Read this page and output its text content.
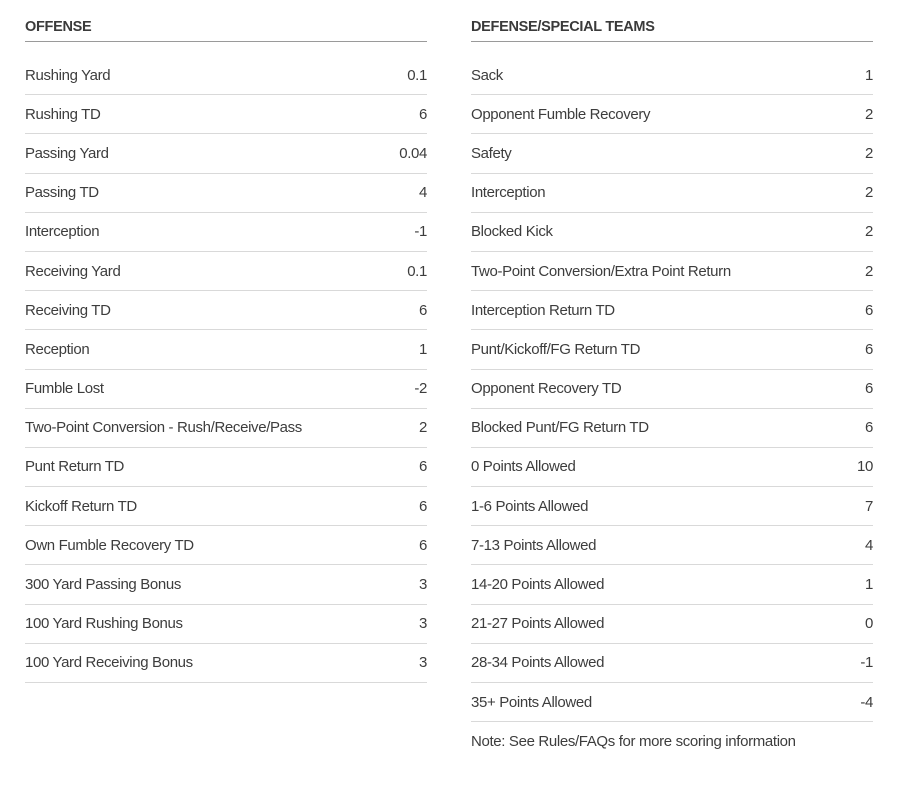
OFFENSE
Rushing Yard	0.1
Rushing TD	6
Passing Yard	0.04
Passing TD	4
Interception	-1
Receiving Yard	0.1
Receiving TD	6
Reception	1
Fumble Lost	-2
Two-Point Conversion - Rush/Receive/Pass	2
Punt Return TD	6
Kickoff Return TD	6
Own Fumble Recovery TD	6
300 Yard Passing Bonus	3
100 Yard Rushing Bonus	3
100 Yard Receiving Bonus	3
DEFENSE/SPECIAL TEAMS
Sack	1
Opponent Fumble Recovery	2
Safety	2
Interception	2
Blocked Kick	2
Two-Point Conversion/Extra Point Return	2
Interception Return TD	6
Punt/Kickoff/FG Return TD	6
Opponent Recovery TD	6
Blocked Punt/FG Return TD	6
0 Points Allowed	10
1-6 Points Allowed	7
7-13 Points Allowed	4
14-20 Points Allowed	1
21-27 Points Allowed	0
28-34 Points Allowed	-1
35+ Points Allowed	-4
Note: See Rules/FAQs for more scoring information
